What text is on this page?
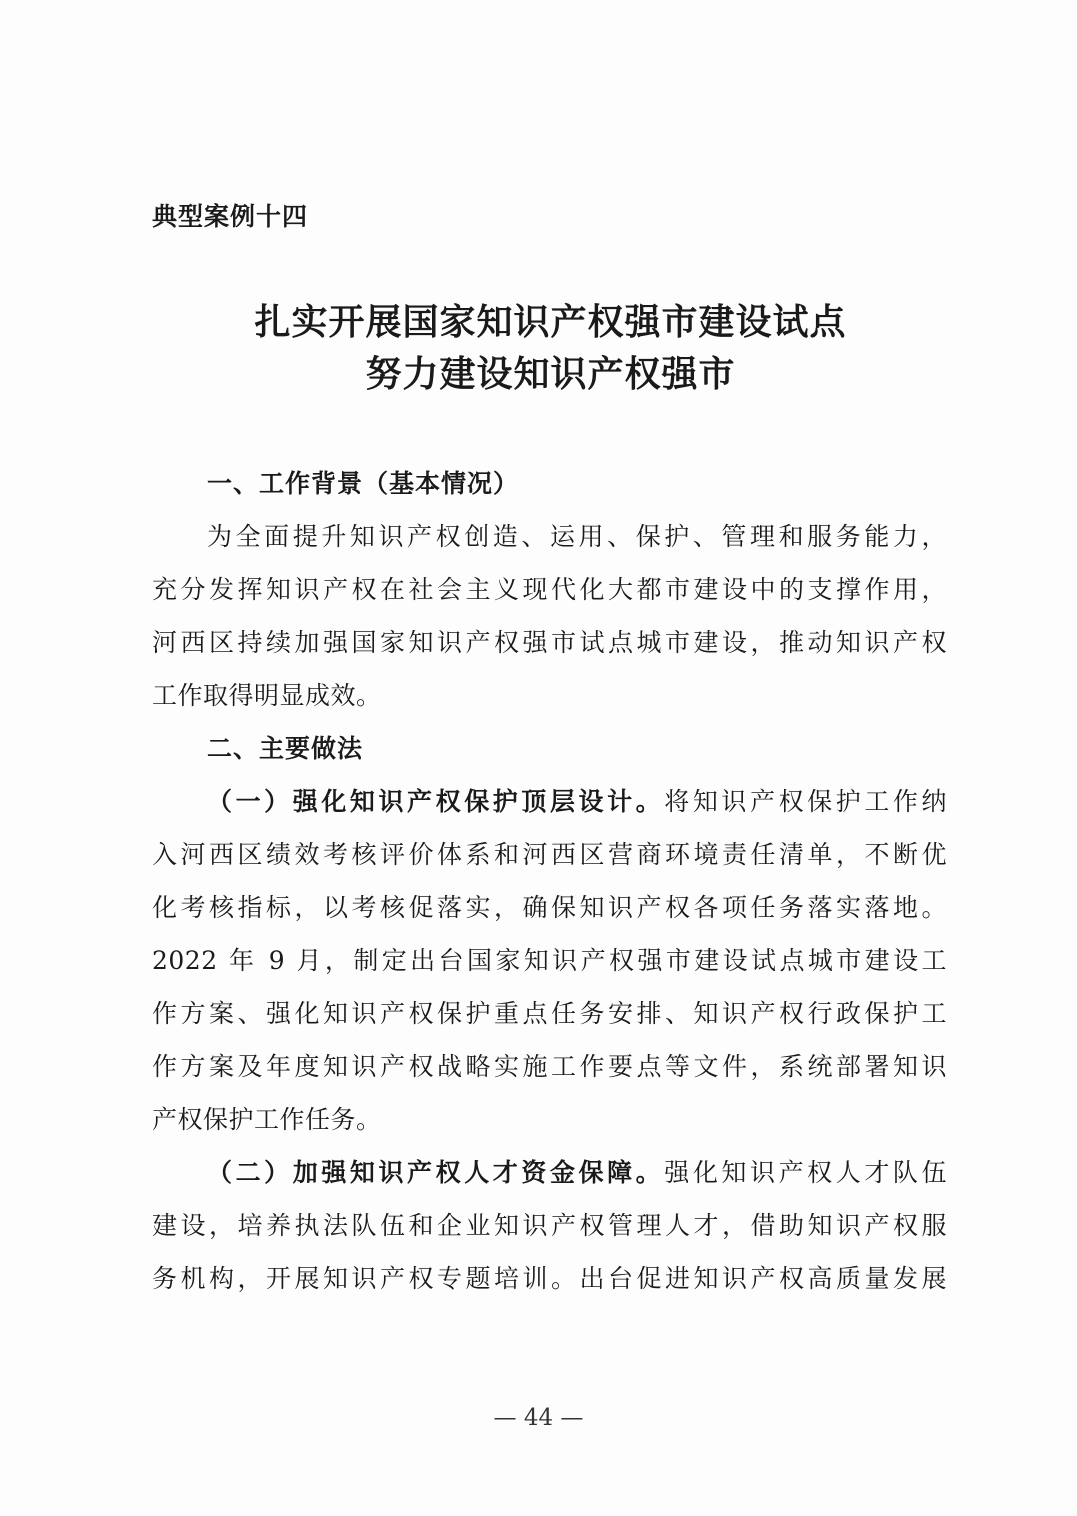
典型案例十四
扎实开展国家知识产权强市建设试点
努力建设知识产权强市
一、工作背景（基本情况）
为全面提升知识产权创造、运用、保护、管理和服务能力，
充分发挥知识产权在社会主义现代化大都市建设中的支撑作用，
河西区持续加强国家知识产权强市试点城市建设，推动知识产权
工作取得明显成效。
二、主要做法
（一）强化知识产权保护顶层设计。将知识产权保护工作纳
入河西区绩效考核评价体系和河西区营商环境责任清单，不断优
化考核指标，以考核促落实，确保知识产权各项任务落实落地。
2022 年 9 月，制定出台国家知识产权强市建设试点城市建设工
作方案、强化知识产权保护重点任务安排、知识产权行政保护工
作方案及年度知识产权战略实施工作要点等文件，系统部署知识
产权保护工作任务。
（二）加强知识产权人才资金保障。强化知识产权人才队伍
建设，培养执法队伍和企业知识产权管理人才，借助知识产权服
务机构，开展知识产权专题培训。出台促进知识产权高质量发展
— 44 —
